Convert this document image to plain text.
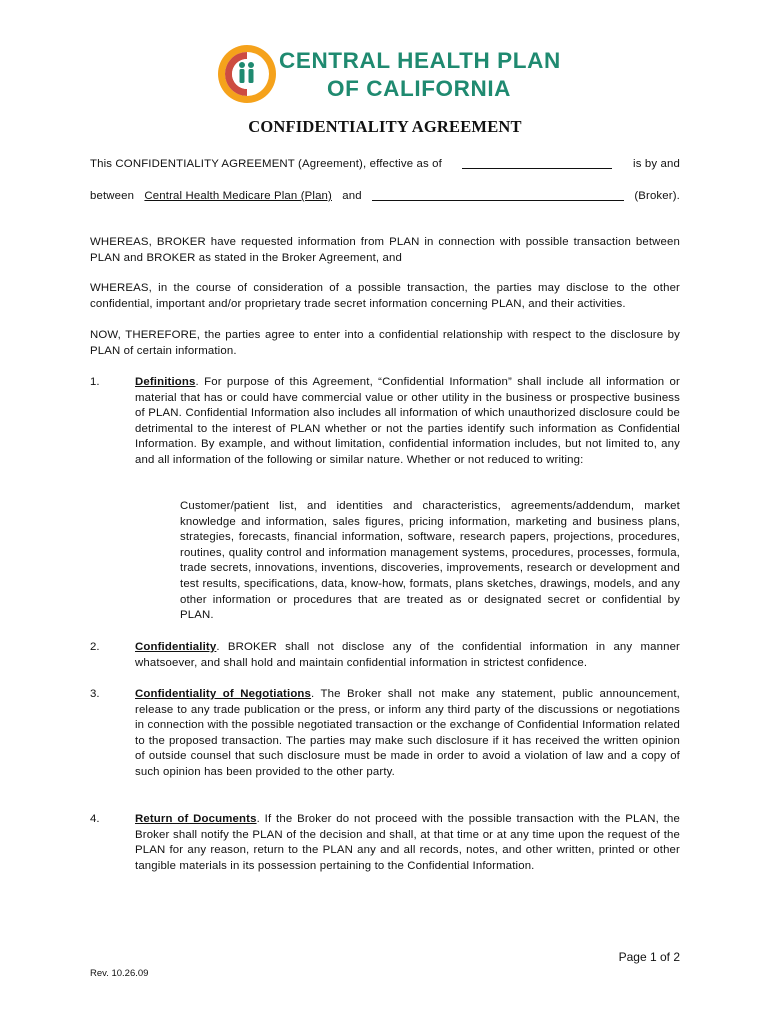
CENTRAL HEALTH PLAN
OF CALIFORNIA
CONFIDENTIALITY AGREEMENT
This CONFIDENTIALITY AGREEMENT (Agreement), effective as of	is by and
between Central Health Medicare Plan (Plan) and	(Broker).
WHEREAS, BROKER have requested information from PLAN in connection with possible transaction between PLAN and BROKER as stated in the Broker Agreement, and
WHEREAS, in the course of consideration of a possible transaction, the parties may disclose to the other confidential, important and/or proprietary trade secret information concerning PLAN, and their activities.
NOW, THEREFORE, the parties agree to enter into a confidential relationship with respect to the disclosure by PLAN of certain information.
1.	Definitions. For purpose of this Agreement, “Confidential Information” shall include all information or material that has or could have commercial value or other utility in the business or prospective business of PLAN. Confidential Information also includes all information of which unauthorized disclosure could be detrimental to the interest of PLAN whether or not the parties identify such information as Confidential Information. By example, and without limitation, confidential information includes, but not limited to, any and all information of the following or similar nature. Whether or not reduced to writing:
Customer/patient list, and identities and characteristics, agreements/addendum, market knowledge and information, sales figures, pricing information, marketing and business plans, strategies, forecasts, financial information, software, research papers, projections, procedures, routines, quality control and information management systems, procedures, processes, formula, trade secrets, innovations, inventions, discoveries, improvements, research or development and test results, specifications, data, know-how, formats, plans sketches, drawings, models, and any other information or procedures that are treated as or designated secret or confidential by PLAN.
2.	Confidentiality. BROKER shall not disclose any of the confidential information in any manner whatsoever, and shall hold and maintain confidential information in strictest confidence.
3.	Confidentiality of Negotiations. The Broker shall not make any statement, public announcement, release to any trade publication or the press, or inform any third party of the discussions or negotiations in connection with the possible negotiated transaction or the exchange of Confidential Information related to the proposed transaction. The parties may make such disclosure if it has received the written opinion of outside counsel that such disclosure must be made in order to avoid a violation of law and a copy of such opinion has been provided to the other party.
4.	Return of Documents. If the Broker do not proceed with the possible transaction with the PLAN, the Broker shall notify the PLAN of the decision and shall, at that time or at any time upon the request of the PLAN for any reason, return to the PLAN any and all records, notes, and other written, printed or other tangible materials in its possession pertaining to the Confidential Information.
Page 1 of 2
Rev. 10.26.09
